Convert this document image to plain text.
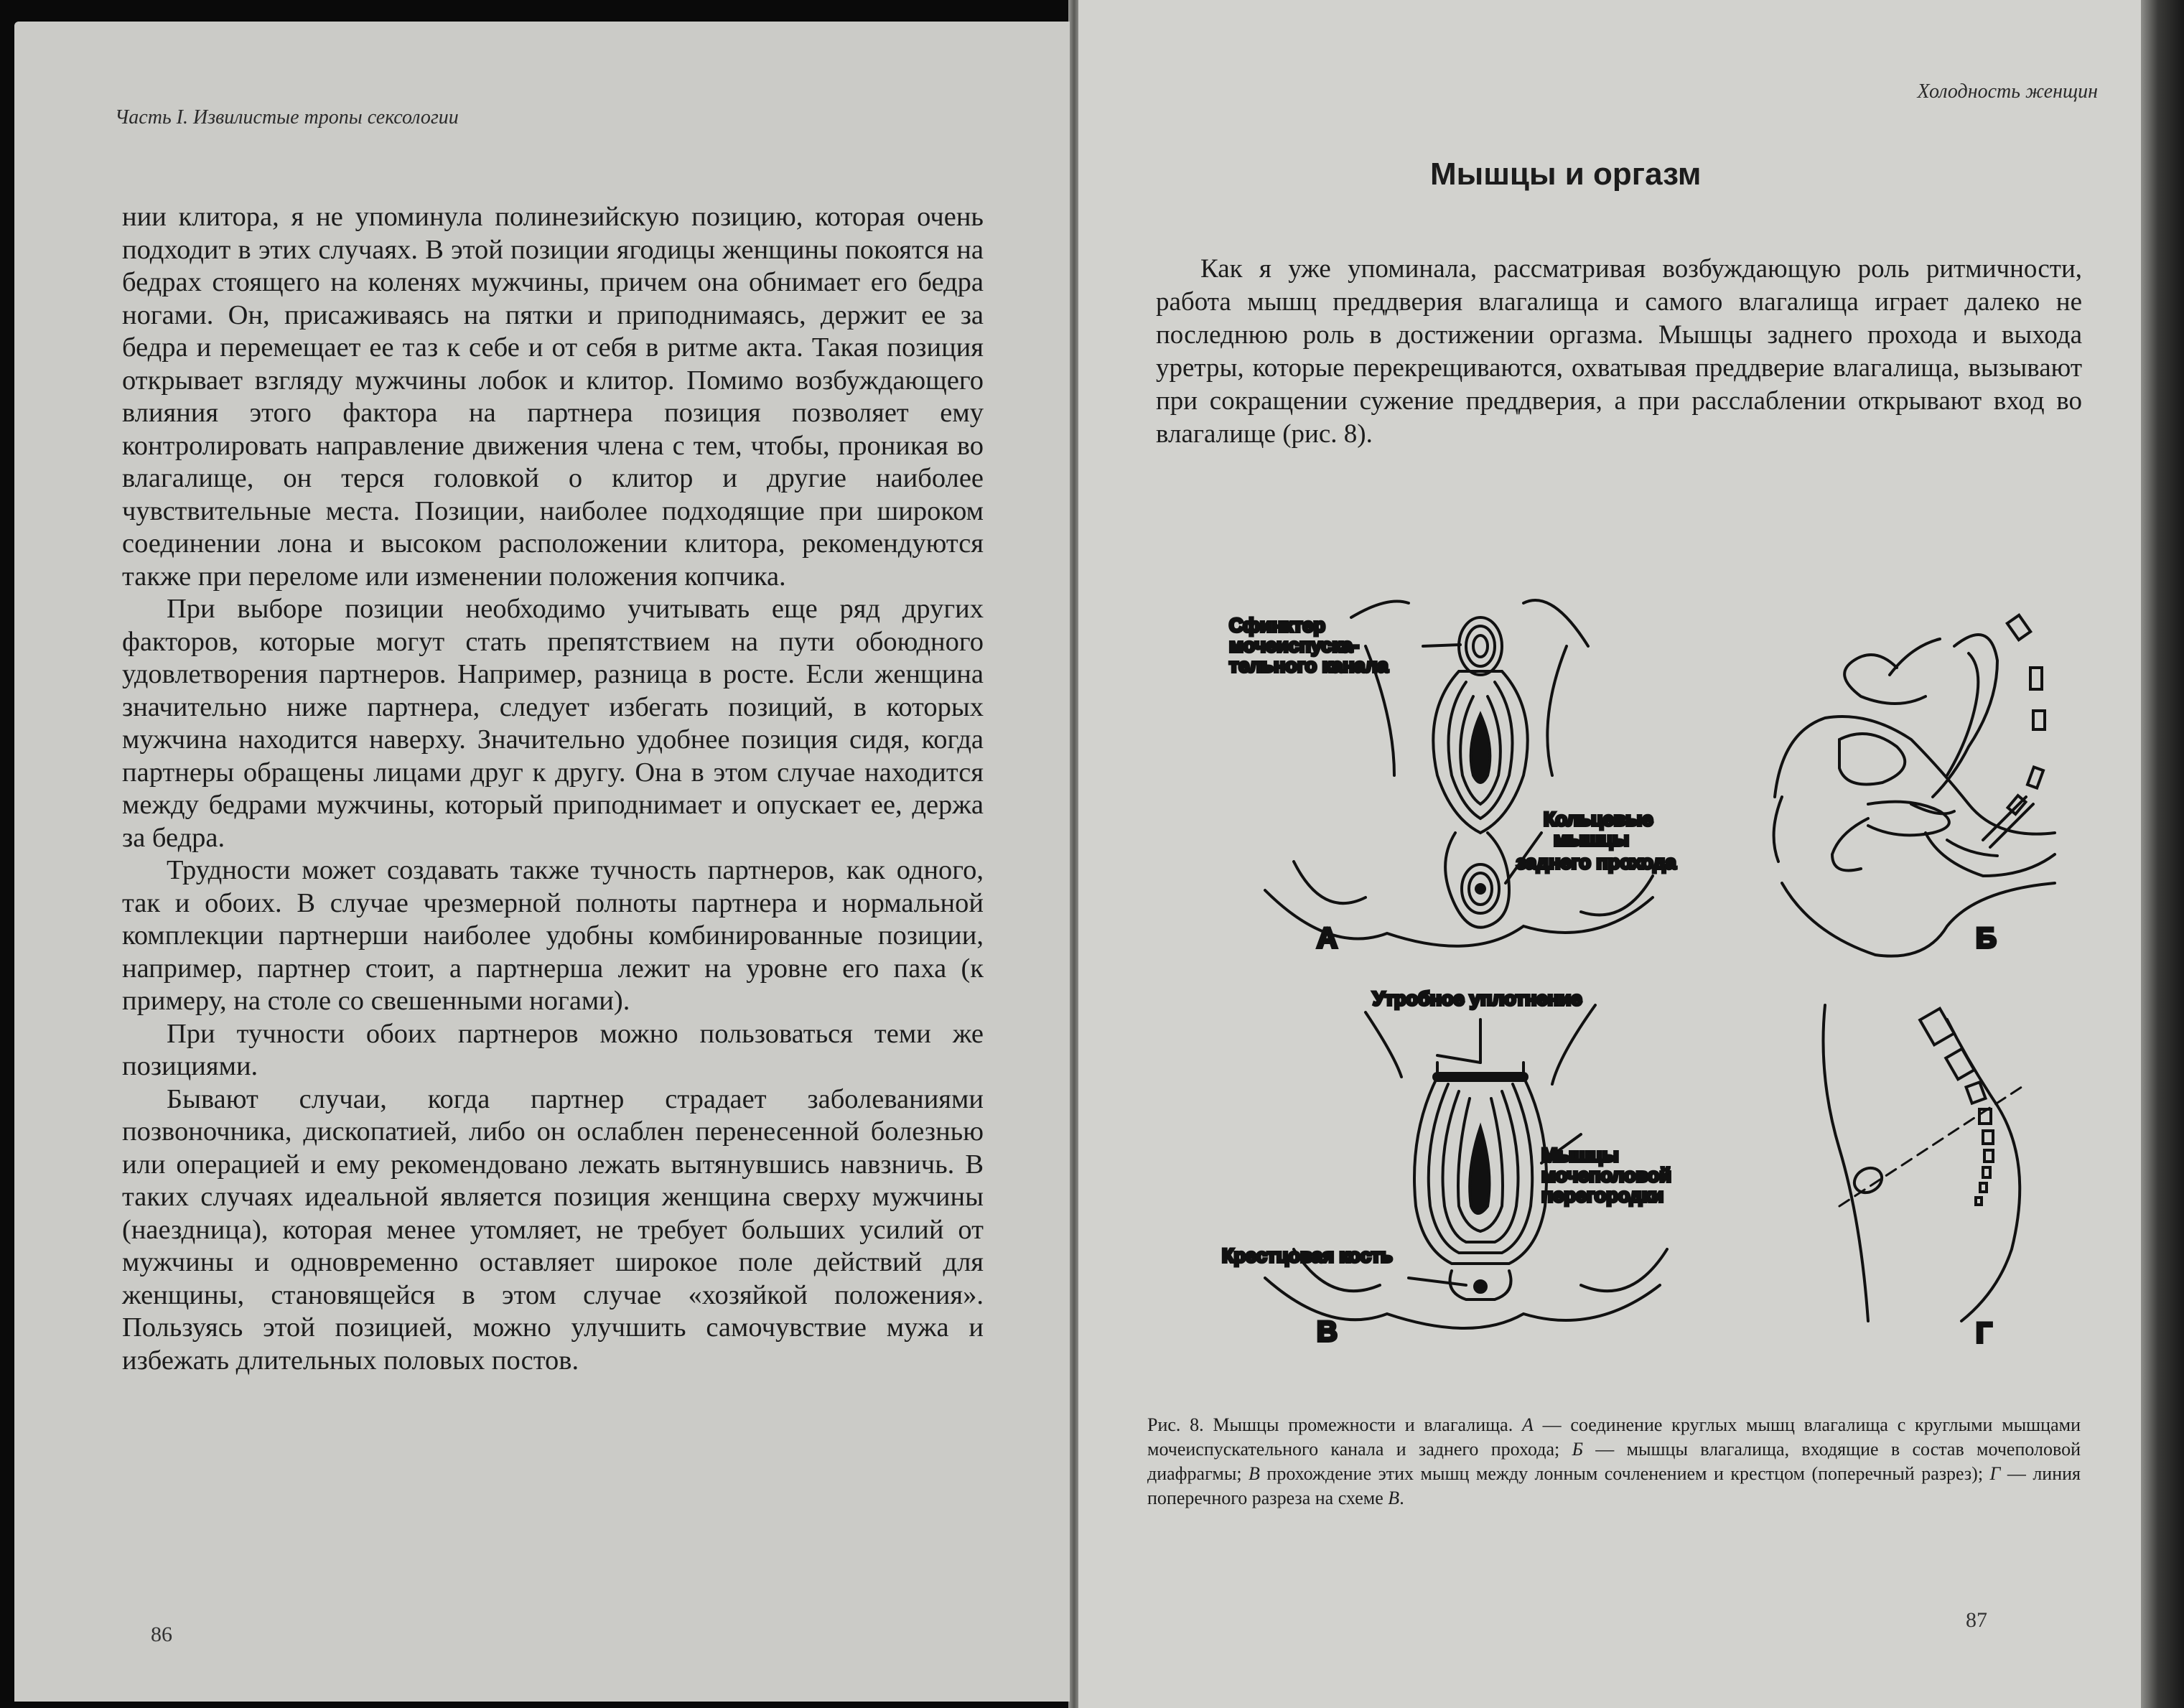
Часть I. Извилистые тропы сексологии

нии клитора, я не упоминула полинезийскую позицию, которая очень подходит в этих случаях. В этой позиции ягодицы женщины покоятся на бедрах стоящего на коленях мужчины, причем она обнимает его бедра ногами. Он, присаживаясь на пятки и приподнимаясь, держит ее за бедра и перемещает ее таз к себе и от себя в ритме акта. Такая позиция открывает взгляду мужчины лобок и клитор. Помимо возбуждающего влияния этого фактора на партнера позиция позволяет ему контролировать направление движения члена с тем, чтобы, проникая во влагалище, он терся головкой о клитор и другие наиболее чувствительные места. Позиции, наиболее подходящие при широком соединении лона и высоком расположении клитора, рекомендуются также при переломе или изменении положения копчика.

При выборе позиции необходимо учитывать еще ряд других факторов, которые могут стать препятствием на пути обоюдного удовлетворения партнеров. Например, разница в росте. Если женщина значительно ниже партнера, следует избегать позиций, в которых мужчина находится наверху. Значительно удобнее позиция сидя, когда партнеры обращены лицами друг к другу. Она в этом случае находится между бедрами мужчины, который приподнимает и опускает ее, держа за бедра.

Трудности может создавать также тучность партнеров, как одного, так и обоих. В случае чрезмерной полноты партнера и нормальной комплекции партнерши наиболее удобны комбинированные позиции, например, партнер стоит, а партнерша лежит на уровне его паха (к примеру, на столе со свешенными ногами).

При тучности обоих партнеров можно пользоваться теми же позициями.

Бывают случаи, когда партнер страдает заболеваниями позвоночника, дископатией, либо он ослаблен перенесенной болезнью или операцией и ему рекомендовано лежать вытянувшись навзничь. В таких случаях идеальной является позиция женщина сверху мужчины (наездница), которая менее утомляет, не требует больших усилий от мужчины и одновременно оставляет широкое поле действий для женщины, становящейся в этом случае «хозяйкой положения». Пользуясь этой позицией, можно улучшить самочувствие мужа и избежать длительных половых постов.

86
Холодность женщин
Мышцы и оргазм
Как я уже упоминала, рассматривая возбуждающую роль ритмичности, работа мышц преддверия влагалища и самого влагалища играет далеко не последнюю роль в достижении оргазма. Мышцы заднего прохода и выхода уретры, которые перекрещиваются, охватывая преддверие влагалища, вызывают при сокращении сужение преддверия, а при расслаблении открывают вход во влагалище (рис. 8).
Сфинктер
мочеиспуска-
тельного канала
Кольцевые
мышцы
заднего прохода
А	Б
Утробное уплотнение
Мышцы
мочеполовой
перегородки
Крестцовая кость
В	Г
Рис. 8. Мышцы промежности и влагалища. А — соединение круглых мышц влагалища с круглыми мышцами мочеиспускательного канала и заднего прохода; Б — мышцы влагалища, входящие в состав мочеполовой диафрагмы; В прохождение этих мышц между лонным сочленением и крестцом (поперечный разрез); Г — линия поперечного разреза на схеме В.
87
